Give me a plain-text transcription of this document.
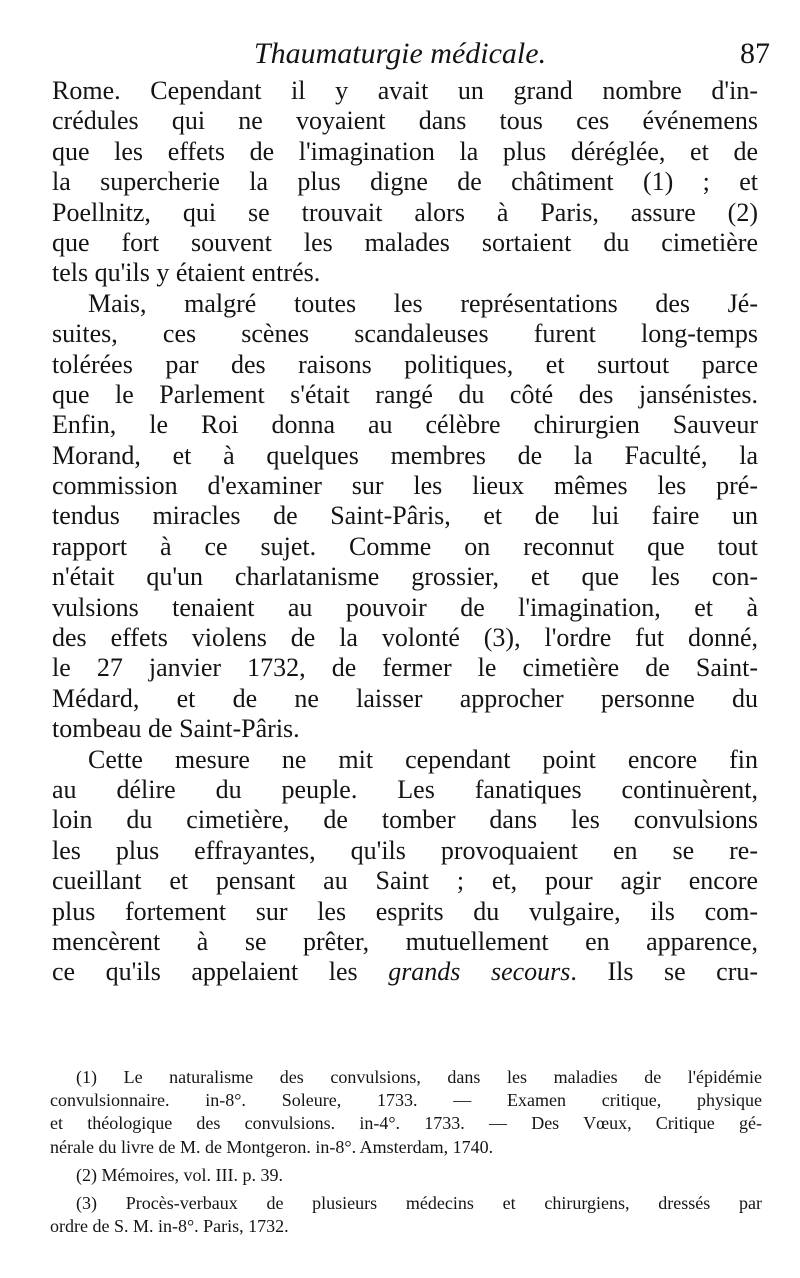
Thaumaturgie médicale.	87
Rome. Cependant il y avait un grand nombre d'in-
crédules qui ne voyaient dans tous ces événemens
que les effets de l'imagination la plus déréglée, et de
la supercherie la plus digne de châtiment (1) ; et
Poellnitz, qui se trouvait alors à Paris, assure (2)
que fort souvent les malades sortaient du cimetière
tels qu'ils y étaient entrés.
Mais, malgré toutes les représentations des Jé-
suites, ces scènes scandaleuses furent long-temps
tolérées par des raisons politiques, et surtout parce
que le Parlement s'était rangé du côté des jansénistes.
Enfin, le Roi donna au célèbre chirurgien Sauveur
Morand, et à quelques membres de la Faculté, la
commission d'examiner sur les lieux mêmes les pré-
tendus miracles de Saint-Pâris, et de lui faire un
rapport à ce sujet. Comme on reconnut que tout
n'était qu'un charlatanisme grossier, et que les con-
vulsions tenaient au pouvoir de l'imagination, et à
des effets violens de la volonté (3), l'ordre fut donné,
le 27 janvier 1732, de fermer le cimetière de Saint-
Médard, et de ne laisser approcher personne du
tombeau de Saint-Pâris.
Cette mesure ne mit cependant point encore fin
au délire du peuple. Les fanatiques continuèrent,
loin du cimetière, de tomber dans les convulsions
les plus effrayantes, qu'ils provoquaient en se re-
cueillant et pensant au Saint ; et, pour agir encore
plus fortement sur les esprits du vulgaire, ils com-
mencèrent à se prêter, mutuellement en apparence,
ce qu'ils appelaient les grands secours. Ils se cru-
(1) Le naturalisme des convulsions, dans les maladies de l'épidémie
convulsionnaire. in-8°. Soleure, 1733. — Examen critique, physique
et théologique des convulsions. in-4°. 1733. — Des Vœux, Critique gé-
nérale du livre de M. de Montgeron. in-8°. Amsterdam, 1740.
(2) Mémoires, vol. III. p. 39.
(3) Procès-verbaux de plusieurs médecins et chirurgiens, dressés par
ordre de S. M. in-8°. Paris, 1732.
